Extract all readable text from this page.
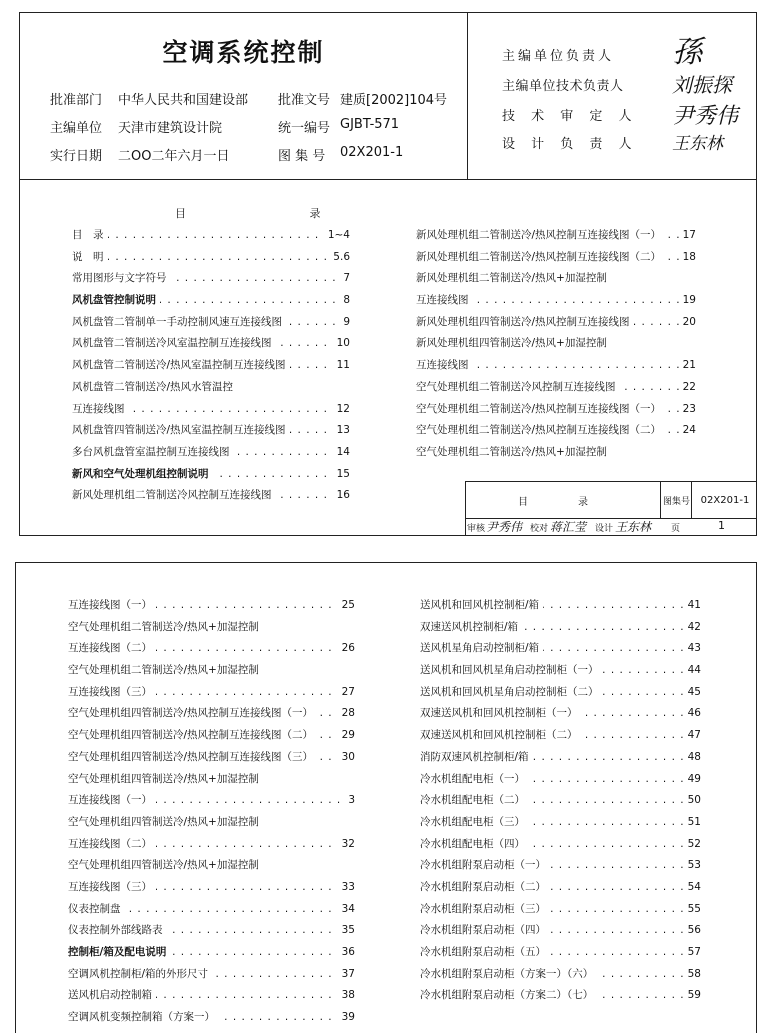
空调系统控制
批准部门 中华人民共和国建设部 批准文号 建质[2002]104号
主编单位 天津市建筑设计院	统一编号 GJBT-571
实行日期 二OO二年六月一日	图 集 号 02X201-1
主编单位负责人 孫
主编单位技术负责人 刘振探
技 术 审 定 人 尹秀伟
设 计 负 责 人 王东林
目 录
. . . 目　录	1~4
. . . 说　明	5.6
. . . 常用图形与文字符号	7
. . . 风机盘管控制说明	8
. . . 风机盘管二管制单一手动控制风速互连接线图	9
. . . 风机盘管二管制送冷风室温控制互连接线图	10
. . . 风机盘管二管制送冷/热风室温控制互连接线图	11
风机盘管二管制送冷/热风水管温控
. . . 互连接线图	12
. . . 风机盘管四管制送冷/热风室温控制互连接线图	13
. . . 多台风机盘管室温控制互连接线图	14
. . . 新风和空气处理机组控制说明	15
. . . 新风处理机组二管制送冷风控制互连接线图	16
. . . 新风处理机组二管制送冷/热风控制互连接线图（一）	17
. . . 新风处理机组二管制送冷/热风控制互连接线图（二）	18
新风处理机组二管制送冷/热风+加湿控制
. . . 互连接线图	19
. . . 新风处理机组四管制送冷/热风控制互连接线图	20
新风处理机组四管制送冷/热风+加湿控制
. . . 互连接线图	21
. . . 空气处理机组二管制送冷风控制互连接线图	22
. . . 空气处理机组二管制送冷/热风控制互连接线图（一）	23
. . . 空气处理机组二管制送冷/热风控制互连接线图（二）	24
空气处理机组二管制送冷/热风+加湿控制
目　录	图集号	02X201-1
审核 尹秀伟 校对 蒋汇莹 设计 王东林 页	1
. . . 互连接线图（一）	25
空气处理机组二管制送冷/热风+加湿控制
. . . 互连接线图（二）	26
空气处理机组二管制送冷/热风+加湿控制
. . . 互连接线图（三）	27
. . . 空气处理机组四管制送冷/热风控制互连接线图（一）	28
. . . 空气处理机组四管制送冷/热风控制互连接线图（二）	29
. . . 空气处理机组四管制送冷/热风控制互连接线图（三）	30
空气处理机组四管制送冷/热风+加湿控制
. . . 互连接线图（一）	3
空气处理机组四管制送冷/热风+加湿控制
. . . 互连接线图（二）	32
空气处理机组四管制送冷/热风+加湿控制
. . . 互连接线图（三）	33
. . . 仪表控制盘	34
. . . 仪表控制外部线路表	35
. . . 控制柜/箱及配电说明	36
. . . 空调风机控制柜/箱的外形尺寸	37
. . . 送风机启动控制箱	38
. . . 空调风机变频控制箱（方案一）	39
. . . 送风机和回风机控制柜/箱	41
. . . 双速送风机控制柜/箱	42
. . . 送风机星角启动控制柜/箱	43
. . . 送风机和回风机星角启动控制柜（一）	44
. . . 送风机和回风机星角启动控制柜（二）	45
. . . 双速送风机和回风机控制柜（一）	46
. . . 双速送风机和回风机控制柜（二）	47
. . . 消防双速风机控制柜/箱	48
. . . 冷水机组配电柜（一）	49
. . . 冷水机组配电柜（二）	50
. . . 冷水机组配电柜（三）	51
. . . 冷水机组配电柜（四）	52
. . . 冷水机组附泵启动柜（一）	53
. . . 冷水机组附泵启动柜（二）	54
. . . 冷水机组附泵启动柜（三）	55
. . . 冷水机组附泵启动柜（四）	56
. . . 冷水机组附泵启动柜（五）	57
. . . 冷水机组附泵启动柜（方案一）（六）	58
. . . 冷水机组附泵启动柜（方案二）（七）	59
